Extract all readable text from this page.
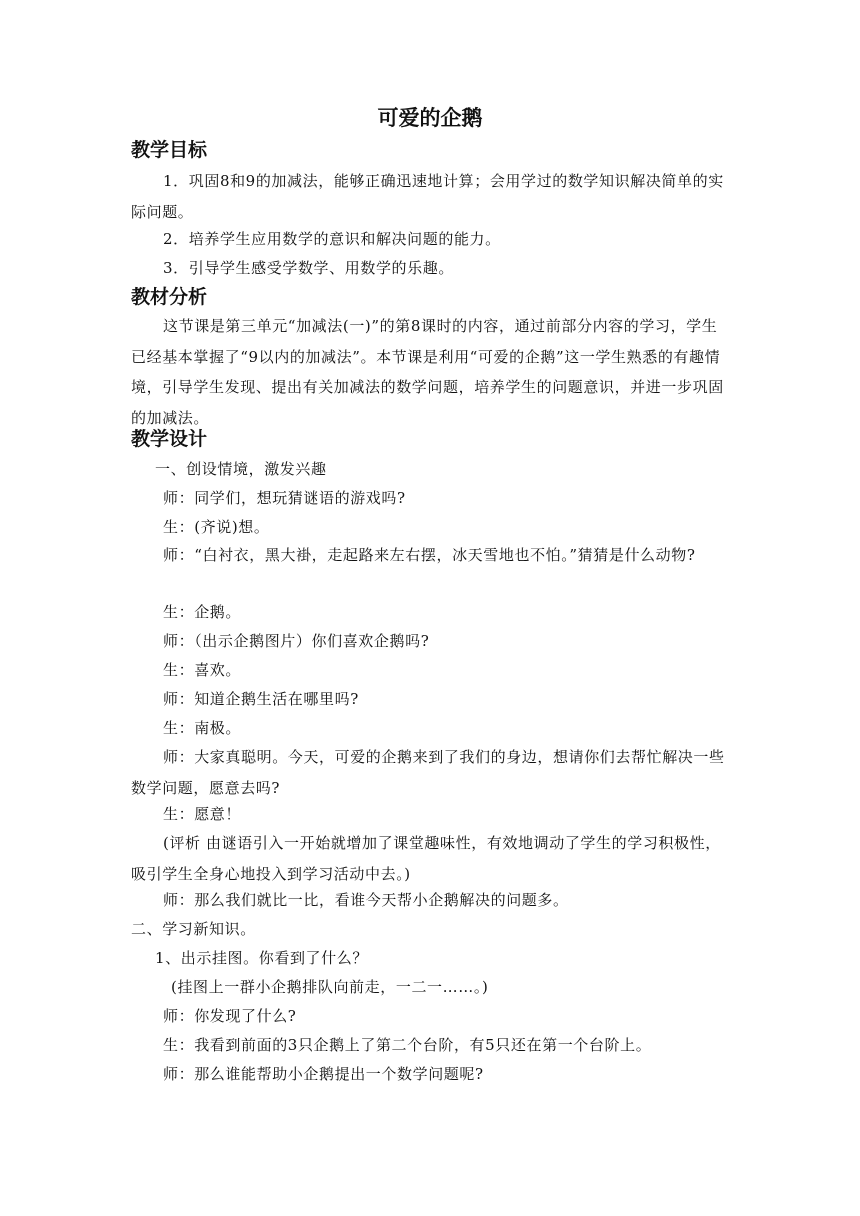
可爱的企鹅
教学目标
1．巩固8和9的加减法，能够正确迅速地计算；会用学过的数学知识解决简单的实际问题。
2．培养学生应用数学的意识和解决问题的能力。
3．引导学生感受学数学、用数学的乐趣。
教材分析
这节课是第三单元“加减法(一)”的第8课时的内容，通过前部分内容的学习，学生已经基本掌握了“9以内的加减法”。本节课是利用“可爱的企鹅”这一学生熟悉的有趣情境，引导学生发现、提出有关加减法的数学问题，培养学生的问题意识，并进一步巩固的加减法。
教学设计
一、创设情境，激发兴趣
师：同学们，想玩猜谜语的游戏吗?
生：(齐说)想。
师：“白衬衣，黑大褂，走起路来左右摆，冰天雪地也不怕。”猜猜是什么动物?
生：企鹅。
师：（出示企鹅图片）你们喜欢企鹅吗?
生：喜欢。
师：知道企鹅生活在哪里吗?
生：南极。
师：大家真聪明。今天，可爱的企鹅来到了我们的身边，想请你们去帮忙解决一些数学问题，愿意去吗?
生：愿意！
(评析 由谜语引入一开始就增加了课堂趣味性，有效地调动了学生的学习积极性，吸引学生全身心地投入到学习活动中去。)
师：那么我们就比一比，看谁今天帮小企鹅解决的问题多。
二、学习新知识。
1、出示挂图。你看到了什么？
(挂图上一群小企鹅排队向前走，一二一……。)
师：你发现了什么?
生：我看到前面的3只企鹅上了第二个台阶，有5只还在第一个台阶上。
师：那么谁能帮助小企鹅提出一个数学问题呢?
